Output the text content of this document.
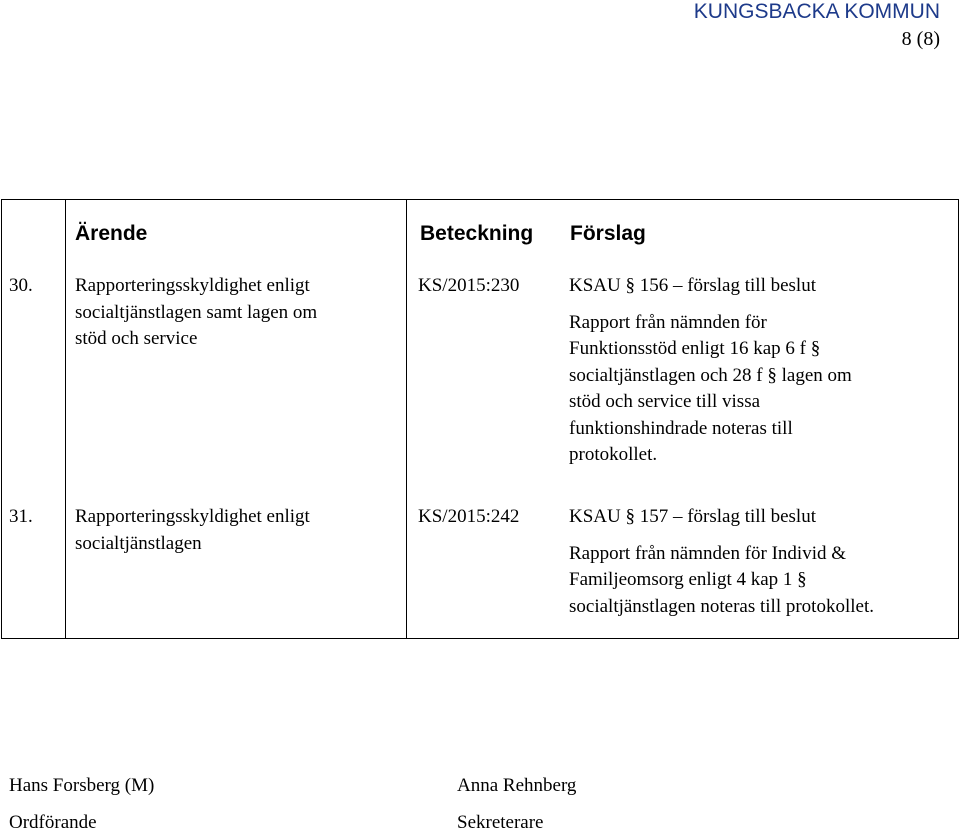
KUNGSBACKA KOMMUN
8 (8)
Ärende	Beteckning Förslag
30. Rapporteringsskyldighet enligt
socialtjänstlagen samt lagen om
stöd och service
KS/2015:230	KSAU § 156 – förslag till beslut
Rapport från nämnden för
Funktionsstöd enligt 16 kap 6 f §
socialtjänstlagen och 28 f § lagen om
stöd och service till vissa
funktionshindrade noteras till
protokollet.
31. Rapporteringsskyldighet enligt
socialtjänstlagen
KS/2015:242	KSAU § 157 – förslag till beslut
Rapport från nämnden för Individ &
Familjeomsorg enligt 4 kap 1 §
socialtjänstlagen noteras till protokollet.
Hans Forsberg (M)
Ordförande
Anna Rehnberg
Sekreterare
